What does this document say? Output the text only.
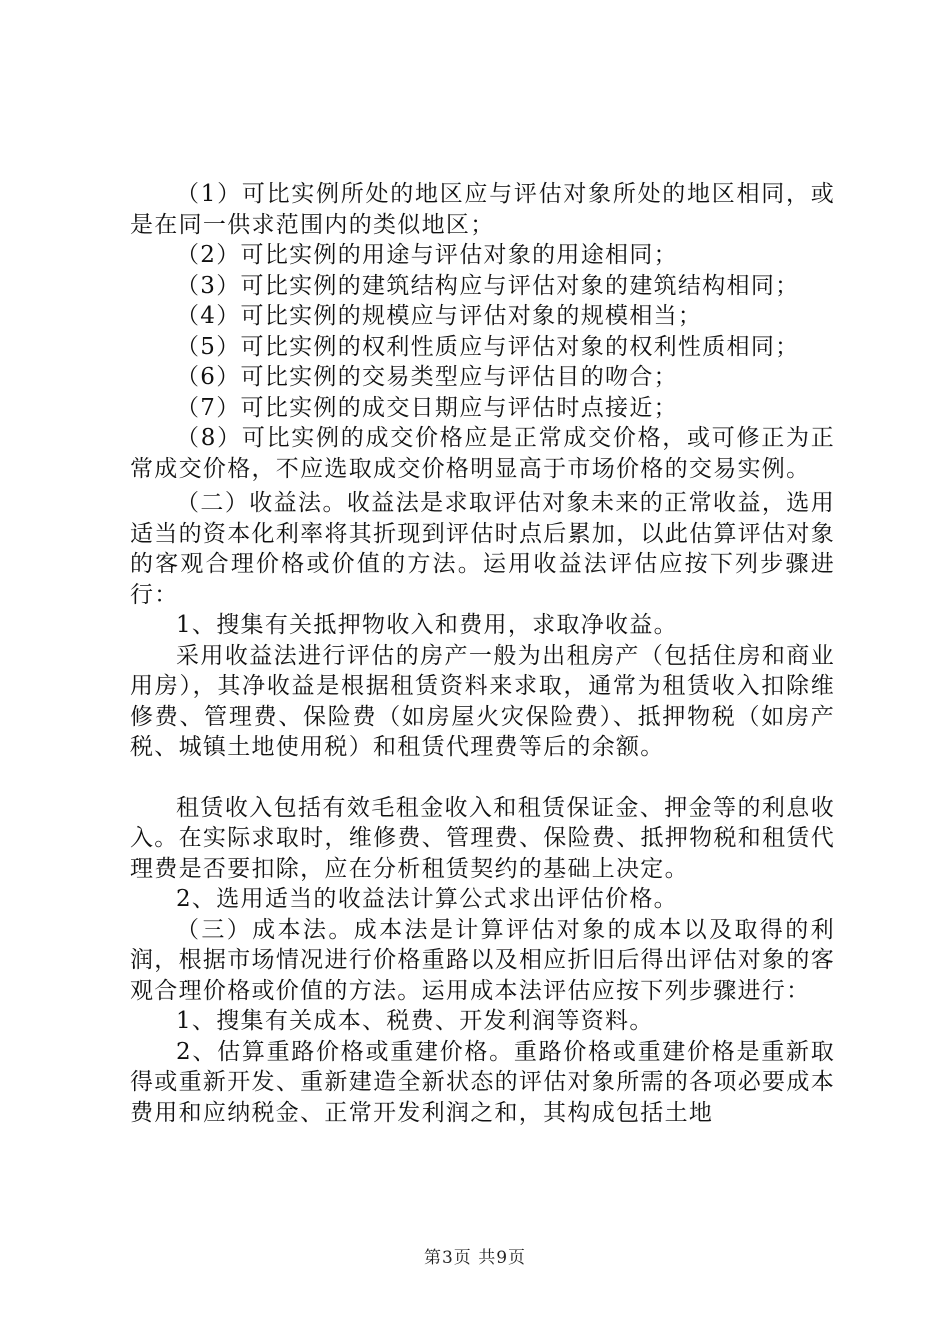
（1）可比实例所处的地区应与评估对象所处的地区相同，或是在同一供求范围内的类似地区；

（2）可比实例的用途与评估对象的用途相同；

（3）可比实例的建筑结构应与评估对象的建筑结构相同；

（4）可比实例的规模应与评估对象的规模相当；

（5）可比实例的权利性质应与评估对象的权利性质相同；

（6）可比实例的交易类型应与评估目的吻合；

（7）可比实例的成交日期应与评估时点接近；

（8）可比实例的成交价格应是正常成交价格，或可修正为正常成交价格，不应选取成交价格明显高于市场价格的交易实例。

（二）收益法。收益法是求取评估对象未来的正常收益，选用适当的资本化利率将其折现到评估时点后累加，以此估算评估对象的客观合理价格或价值的方法。运用收益法评估应按下列步骤进行：

1、搜集有关抵押物收入和费用，求取净收益。

采用收益法进行评估的房产一般为出租房产（包括住房和商业用房），其净收益是根据租赁资料来求取，通常为租赁收入扣除维修费、管理费、保险费（如房屋火灾保险费）、抵押物税（如房产税、城镇土地使用税）和租赁代理费等后的余额。

租赁收入包括有效毛租金收入和租赁保证金、押金等的利息收入。在实际求取时，维修费、管理费、保险费、抵押物税和租赁代理费是否要扣除，应在分析租赁契约的基础上决定。

2、选用适当的收益法计算公式求出评估价格。

（三）成本法。成本法是计算评估对象的成本以及取得的利润，根据市场情况进行价格重路以及相应折旧后得出评估对象的客观合理价格或价值的方法。运用成本法评估应按下列步骤进行：

1、搜集有关成本、税费、开发利润等资料。

2、估算重路价格或重建价格。重路价格或重建价格是重新取得或重新开发、重新建造全新状态的评估对象所需的各项必要成本费用和应纳税金、正常开发利润之和，其构成包括土地

第3页 共9页
